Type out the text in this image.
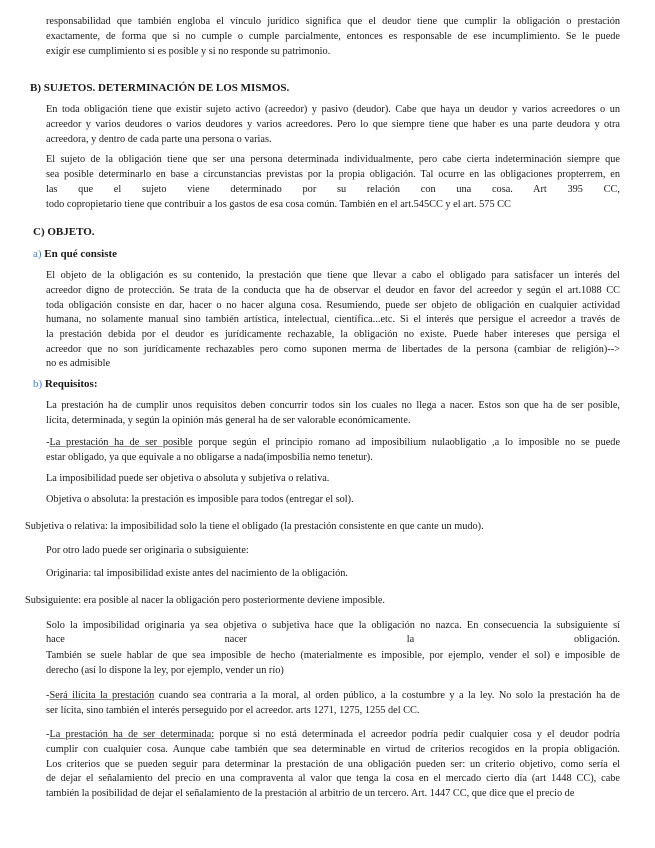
responsabilidad que también engloba el vínculo jurídico significa que el deudor tiene que cumplir la obligación o prestación
exactamente, de forma que si no cumple o cumple parcialmente, entonces es responsable de ese incumplimiento. Se le puede
exigir ese cumplimiento si es posible y si no responde su patrimonio.
B) SUJETOS. DETERMINACIÓN DE LOS MISMOS.
En toda obligación tiene que existir sujeto activo (acreedor) y pasivo (deudor). Cabe que haya un deudor y varios acreedores o un
acreedor y varios deudores o varios deudores y varios acreedores. Pero lo que siempre tiene que haber es una parte deudora y otra
acreedora, y dentro de cada parte una persona o varias.
El sujeto de la obligación tiene que ser una persona determinada individualmente, pero cabe cierta indeterminación siempre que
sea posible determinarlo en base a circunstancias previstas por la propia obligación. Tal ocurre en las obligaciones propterrem, en
las que el sujeto viene determinado por su relación con una cosa. Art 395 CC,
todo copropietario tiene que contribuir a los gastos de esa cosa común. También en el art.545CC y el art. 575 CC
C) OBJETO.
a) En qué consiste
El objeto de la obligación es su contenido, la prestación que tiene que llevar a cabo el obligado para satisfacer un interés del
acreedor digno de protección. Se trata de la conducta que ha de observar el deudor en favor del acreedor y según el art.1088 CC
toda obligación consiste en dar, hacer o no hacer alguna cosa. Resumiendo, puede ser objeto de obligación en cualquier actividad
humana, no solamente manual sino también artística, intelectual, científica...etc. Si el interés que persigue el acreedor a través de
la prestación debida por el deudor es jurídicamente rechazable, la obligación no existe. Puede haber intereses que persiga el
acreedor que no son jurídicamente rechazables pero como suponen merma de libertades de la persona (cambiar de religión)-->
no es admisible
b) Requisitos:
La prestación ha de cumplir unos requisitos deben concurrir todos sin los cuales no llega a nacer. Estos son que ha de ser posible,
lícita, determinada, y según la opinión más general ha de ser valorable económicamente.
-La prestación ha de ser posible porque según el principio romano ad imposibilium nulaobligatio ,a lo imposible no se puede
estar obligado, ya que equivale a no obligarse a nada(imposbilia nemo tenetur).
La imposibilidad puede ser objetiva o absoluta y subjetiva o relativa.
Objetiva o absoluta: la prestación es imposible para todos (entregar el sol).
Subjetiva o relativa: la imposibilidad solo la tiene el obligado (la prestación consistente en que cante un mudo).
Por otro lado puede ser originaria o subsiguiente:
Originaria: tal imposibilidad existe antes del nacimiento de la obligación.
Subsiguiente: era posible al nacer la obligación pero posteriormente deviene imposible.
Solo la imposibilidad originaria ya sea objetiva o subjetiva hace que la obligación no nazca. En consecuencia la subsiguiente sí
hace nacer la obligación.
También se suele hablar de que sea imposible de hecho (materialmente es imposible, por ejemplo, vender el sol) e imposible de
derecho (así lo dispone la ley, por ejemplo, vender un río)
-Será ilícita la prestación cuando sea contraria a la moral, al orden público, a la costumbre y a la ley. No solo la prestación ha de
ser lícita, sino también el interés perseguido por el acreedor. arts 1271, 1275, 1255 del CC.
-La prestación ha de ser determinada: porque si no está determinada el acreedor podría pedir cualquier cosa y el deudor podría
cumplir con cualquier cosa. Aunque cabe también que sea determinable en virtud de criterios recogidos en la propia obligación.
Los criterios que se pueden seguir para determinar la prestación de una obligación pueden ser: un criterio objetivo, como sería el
de dejar el señalamiento del precio en una compraventa al valor que tenga la cosa en el mercado cierto día (art 1448 CC), cabe
también la posibilidad de dejar el señalamiento de la prestación al arbitrio de un tercero. Art. 1447 CC, que dice que el precio de
